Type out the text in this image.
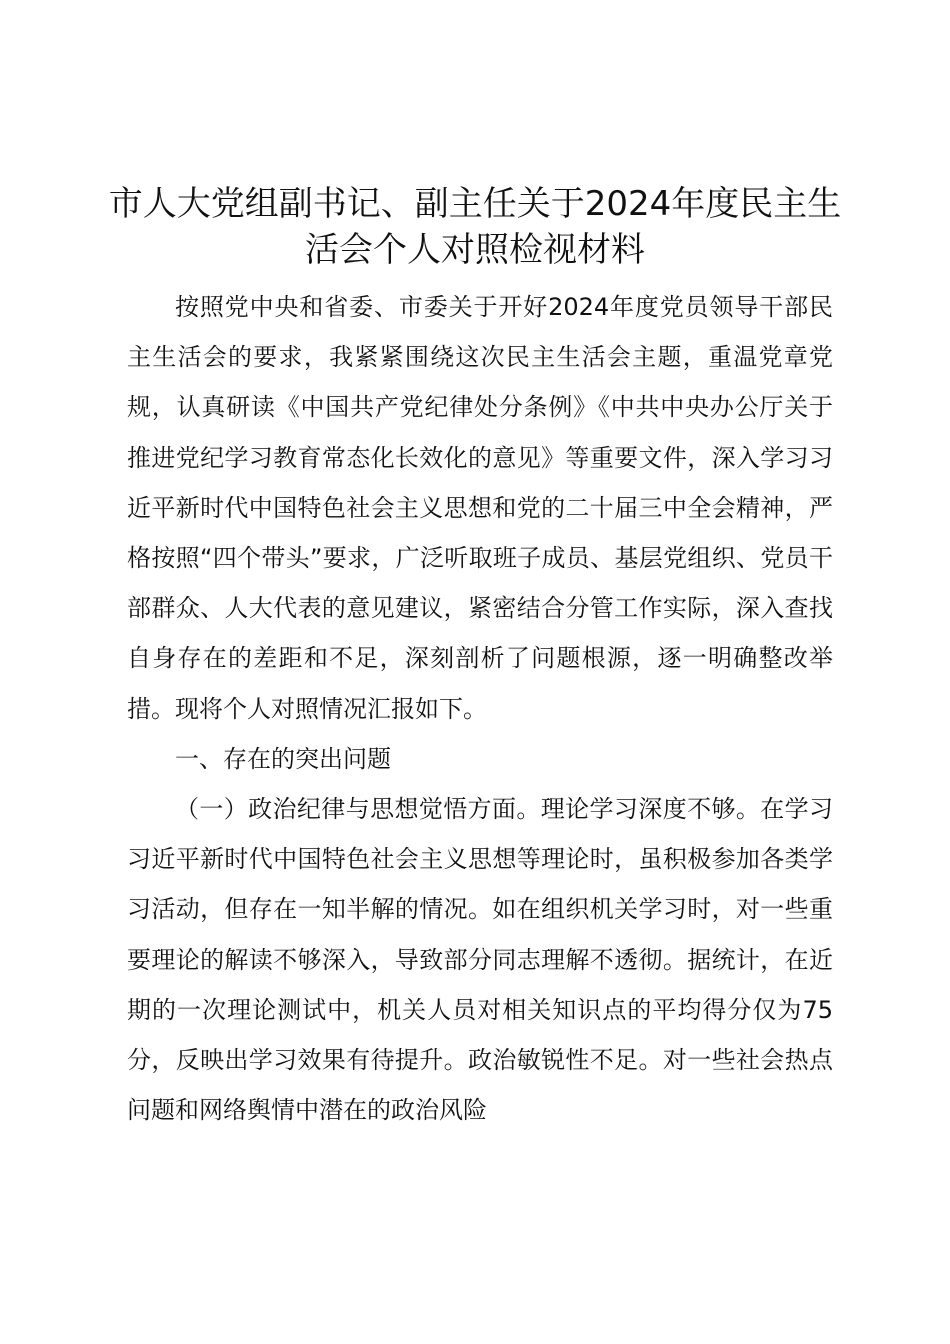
市人大党组副书记、副主任关于2024年度民主生活会个人对照检视材料

按照党中央和省委、市委关于开好2024年度党员领导干部民主生活会的要求，我紧紧围绕这次民主生活会主题，重温党章党规，认真研读《中国共产党纪律处分条例》《中共中央办公厅关于推进党纪学习教育常态化长效化的意见》等重要文件，深入学习习近平新时代中国特色社会主义思想和党的二十届三中全会精神，严格按照“四个带头”要求，广泛听取班子成员、基层党组织、党员干部群众、人大代表的意见建议，紧密结合分管工作实际，深入查找自身存在的差距和不足，深刻剖析了问题根源，逐一明确整改举措。现将个人对照情况汇报如下。

一、存在的突出问题

（一）政治纪律与思想觉悟方面。理论学习深度不够。在学习习近平新时代中国特色社会主义思想等理论时，虽积极参加各类学习活动，但存在一知半解的情况。如在组织机关学习时，对一些重要理论的解读不够深入，导致部分同志理解不透彻。据统计，在近期的一次理论测试中，机关人员对相关知识点的平均得分仅为75分，反映出学习效果有待提升。政治敏锐性不足。对一些社会热点问题和网络舆情中潜在的政治风险
